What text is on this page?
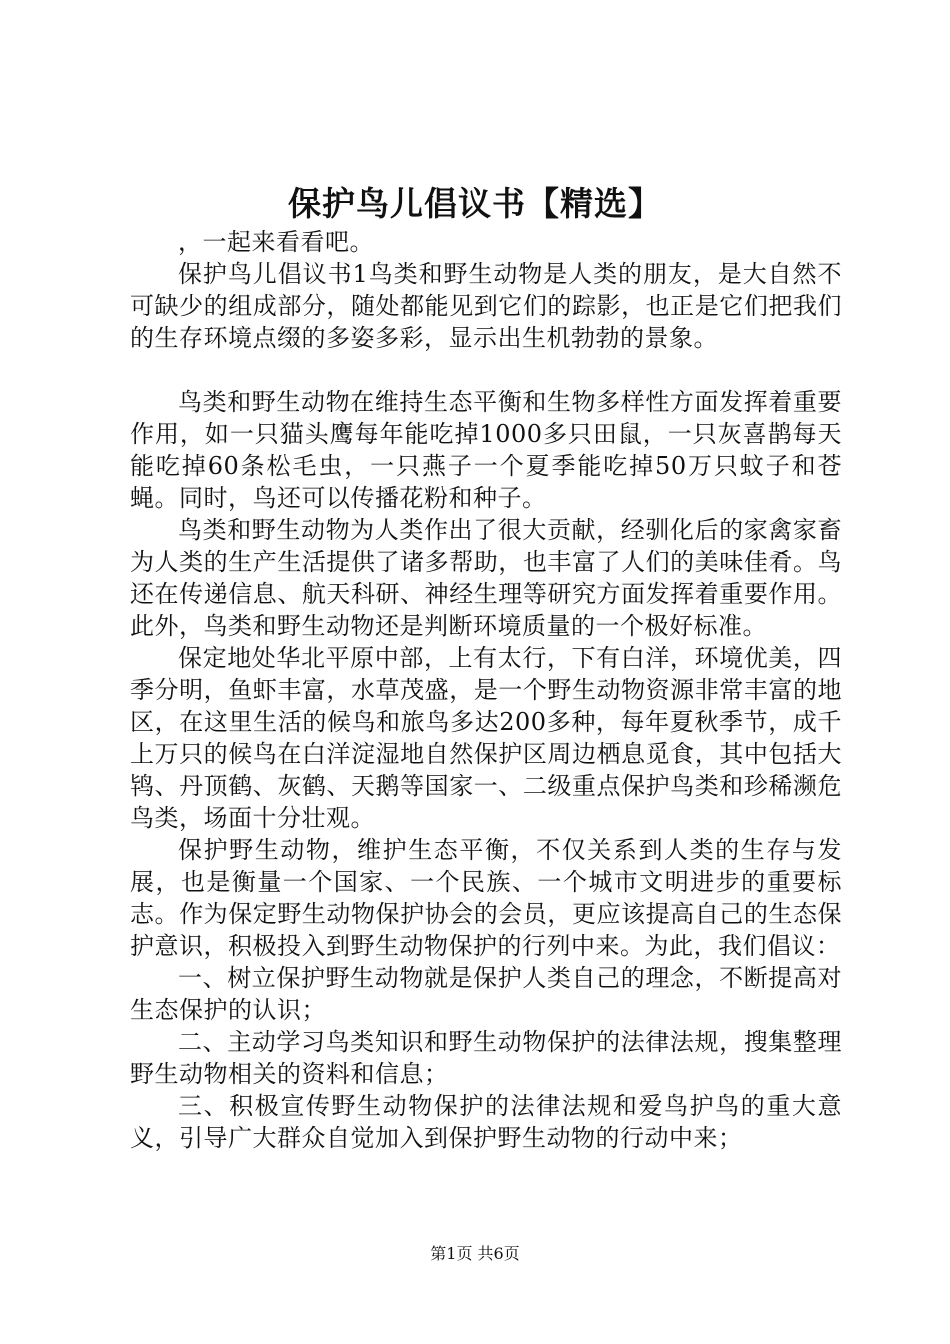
保护鸟儿倡议书【精选】

，一起来看看吧。

保护鸟儿倡议书1鸟类和野生动物是人类的朋友，是大自然不可缺少的组成部分，随处都能见到它们的踪影，也正是它们把我们的生存环境点缀的多姿多彩，显示出生机勃勃的景象。

鸟类和野生动物在维持生态平衡和生物多样性方面发挥着重要作用，如一只猫头鹰每年能吃掉1000多只田鼠，一只灰喜鹊每天能吃掉60条松毛虫，一只燕子一个夏季能吃掉50万只蚊子和苍蝇。同时，鸟还可以传播花粉和种子。

鸟类和野生动物为人类作出了很大贡献，经驯化后的家禽家畜为人类的生产生活提供了诸多帮助，也丰富了人们的美味佳肴。鸟还在传递信息、航天科研、神经生理等研究方面发挥着重要作用。此外，鸟类和野生动物还是判断环境质量的一个极好标准。

保定地处华北平原中部，上有太行，下有白洋，环境优美，四季分明，鱼虾丰富，水草茂盛，是一个野生动物资源非常丰富的地区，在这里生活的候鸟和旅鸟多达200多种，每年夏秋季节，成千上万只的候鸟在白洋淀湿地自然保护区周边栖息觅食，其中包括大鸨、丹顶鹤、灰鹤、天鹅等国家一、二级重点保护鸟类和珍稀濒危鸟类，场面十分壮观。

保护野生动物，维护生态平衡，不仅关系到人类的生存与发展，也是衡量一个国家、一个民族、一个城市文明进步的重要标志。作为保定野生动物保护协会的会员，更应该提高自己的生态保护意识，积极投入到野生动物保护的行列中来。为此，我们倡议：

一、树立保护野生动物就是保护人类自己的理念，不断提高对生态保护的认识；

二、主动学习鸟类知识和野生动物保护的法律法规，搜集整理野生动物相关的资料和信息；

三、积极宣传野生动物保护的法律法规和爱鸟护鸟的重大意义，引导广大群众自觉加入到保护野生动物的行动中来；

第1页 共6页
